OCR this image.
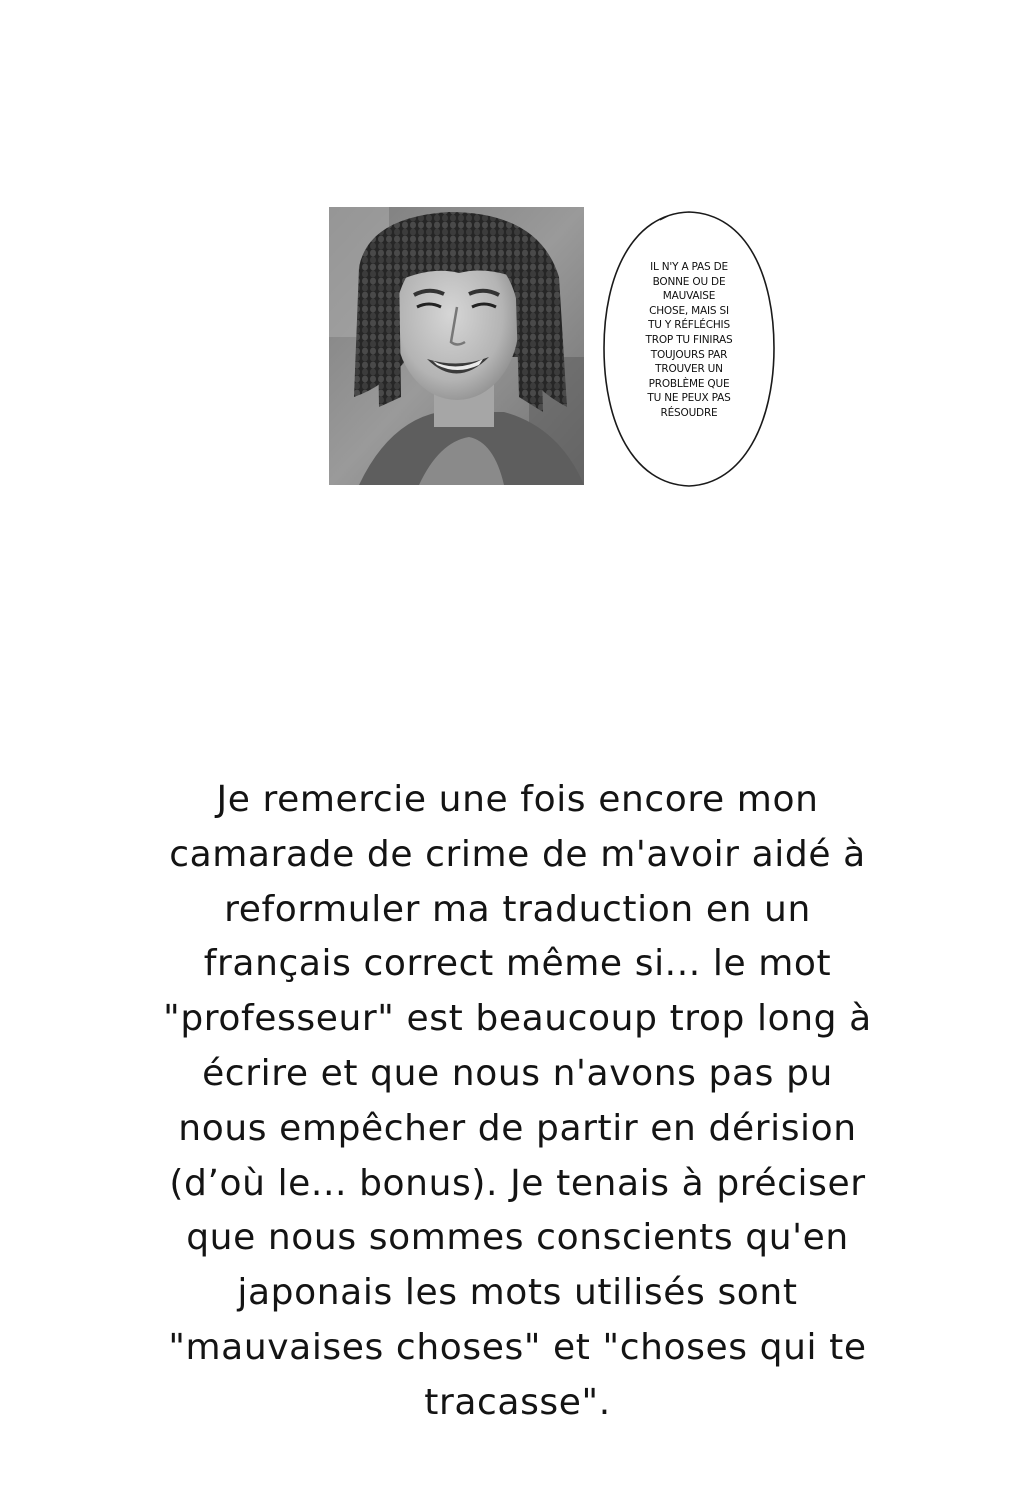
IL N'Y A PAS DE
BONNE OU DE
MAUVAISE
CHOSE, MAIS SI
TU Y RÉFLÉCHIS
TROP TU FINIRAS
TOUJOURS PAR
TROUVER UN
PROBLÈME QUE
TU NE PEUX PAS
RÉSOUDRE

Je remercie une fois encore mon
camarade de crime de m'avoir aidé à
reformuler ma traduction en un
français correct même si... le mot
"professeur" est beaucoup trop long à
écrire et que nous n'avons pas pu
nous empêcher de partir en dérision
(d’où le... bonus). Je tenais à préciser
que nous sommes conscients qu'en
japonais les mots utilisés sont
"mauvaises choses" et "choses qui te
tracasse".
